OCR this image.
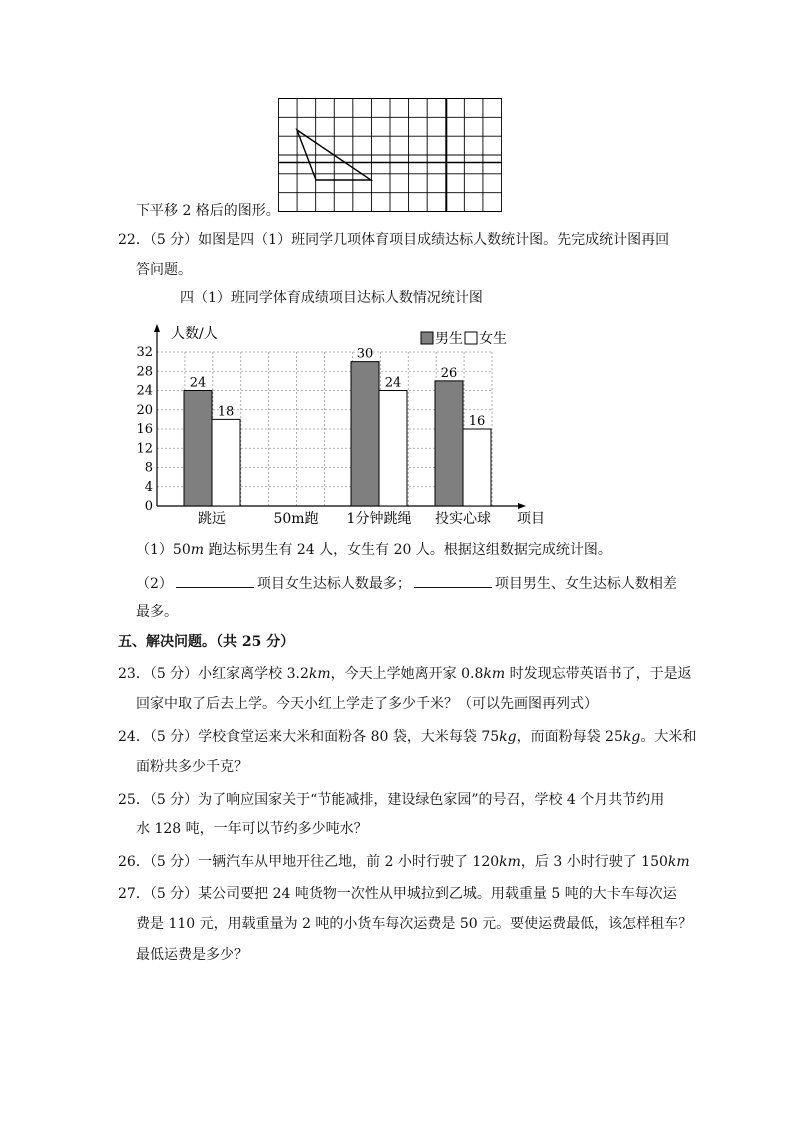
下平移 2 格后的图形。
22．（5 分）如图是四（1）班同学几项体育项目成绩达标人数统计图。先完成统计图再回
答问题。
四（1）班同学体育成绩项目达标人数情况统计图
0
4
8
12
16
20
24
28
32
人数/人
项目
男生 女生
跳远
24
18
50m跑 1分钟跳绳
30
24
投实心球
26
16
（1）50m 跑达标男生有 24 人，女生有 20 人。根据这组数据完成统计图。
（2）	项目女生达标人数最多；	项目男生、女生达标人数相差
最多。
五、解决问题。（共 25 分）
23．（5 分）小红家离学校 3.2km，今天上学她离开家 0.8km 时发现忘带英语书了，于是返
回家中取了后去上学。今天小红上学走了多少千米？（可以先画图再列式）
24．（5 分）学校食堂运来大米和面粉各 80 袋，大米每袋 75kg，而面粉每袋 25kg。大米和
面粉共多少千克？
25．（5 分）为了响应国家关于“节能减排，建设绿色家园”的号召，学校 4 个月共节约用
水 128 吨，一年可以节约多少吨水？
26．（5 分）一辆汽车从甲地开往乙地，前 2 小时行驶了 120km，后 3 小时行驶了 150km
27．（5 分）某公司要把 24 吨货物一次性从甲城拉到乙城。用载重量 5 吨的大卡车每次运
费是 110 元，用载重量为 2 吨的小货车每次运费是 50 元。要使运费最低，该怎样租车？
最低运费是多少？
